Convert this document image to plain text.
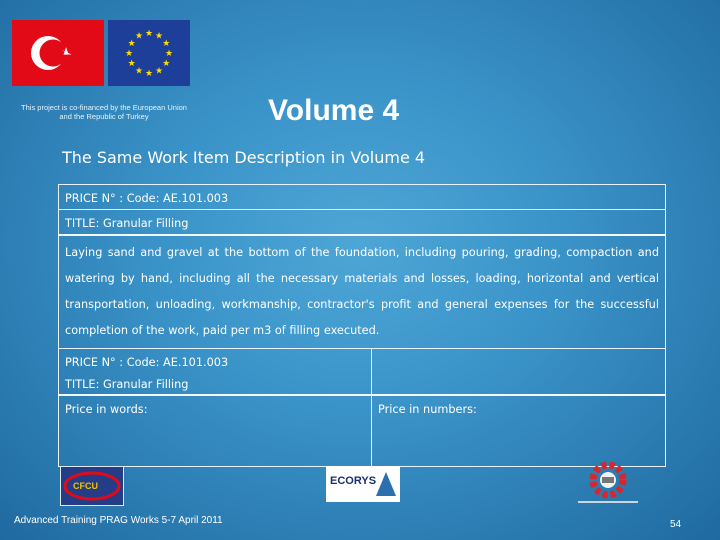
★ ★
★
★
★
★
★
★
★
★
★
★
This project is co-financed by the European Union
and the Republic of Turkey	Volume 4
The Same Work Item Description in Volume 4
PRICE N° : Code: AE.101.003
TITLE: Granular Filling
Laying sand and gravel at the bottom of the foundation, including pouring, grading, compaction and watering by hand, including all the necessary materials and losses, loading, horizontal and vertical transportation, unloading, workmanship, contractor's profit and general expenses for the successful completion of the work, paid per m3 of filling executed.
PRICE N° : Code: AE.101.003
TITLE: Granular Filling
Price in words:	Price in numbers:
CFCU	ECORYS
Advanced Training PRAG Works 5-7 April 2011	54
